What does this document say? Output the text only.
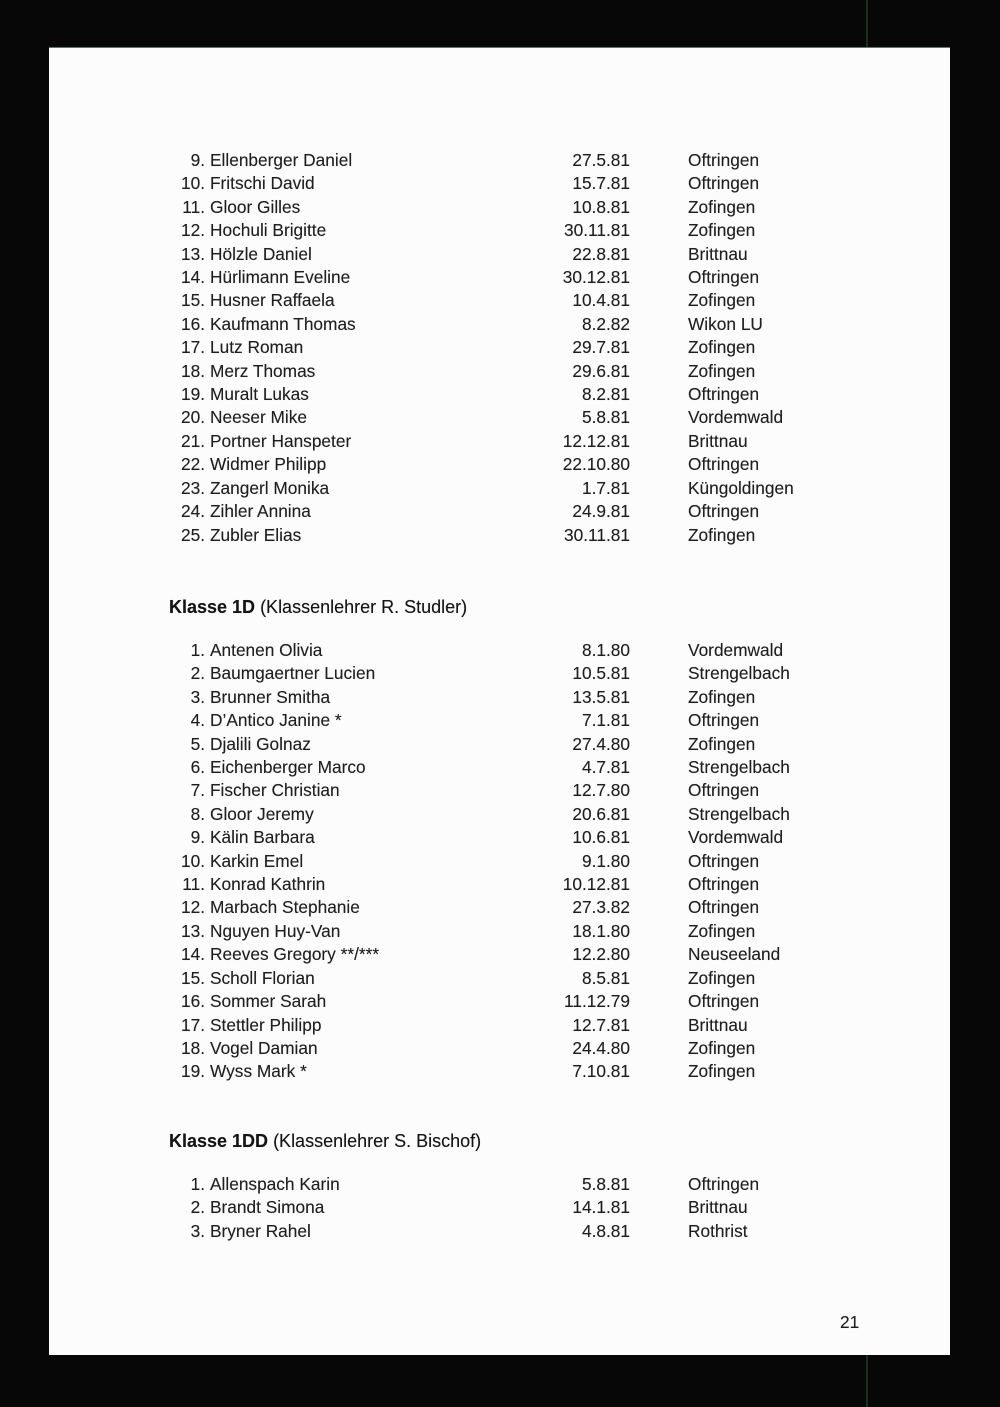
9. Ellenberger Daniel	27.5.81	Oftringen
10. Fritschi David	15.7.81	Oftringen
11. Gloor Gilles	10.8.81	Zofingen
12. Hochuli Brigitte	30.11.81	Zofingen
13. Hölzle Daniel	22.8.81	Brittnau
14. Hürlimann Eveline	30.12.81	Oftringen
15. Husner Raffaela	10.4.81	Zofingen
16. Kaufmann Thomas	8.2.82	Wikon LU
17. Lutz Roman	29.7.81	Zofingen
18. Merz Thomas	29.6.81	Zofingen
19. Muralt Lukas	8.2.81	Oftringen
20. Neeser Mike	5.8.81	Vordemwald
21. Portner Hanspeter	12.12.81	Brittnau
22. Widmer Philipp	22.10.80	Oftringen
23. Zangerl Monika	1.7.81	Küngoldingen
24. Zihler Annina	24.9.81	Oftringen
25. Zubler Elias	30.11.81	Zofingen
Klasse 1D (Klassenlehrer R. Studler)
1. Antenen Olivia	8.1.80	Vordemwald
2. Baumgaertner Lucien	10.5.81	Strengelbach
3. Brunner Smitha	13.5.81	Zofingen
4. D’Antico Janine *	7.1.81	Oftringen
5. Djalili Golnaz	27.4.80	Zofingen
6. Eichenberger Marco	4.7.81	Strengelbach
7. Fischer Christian	12.7.80	Oftringen
8. Gloor Jeremy	20.6.81	Strengelbach
9. Kälin Barbara	10.6.81	Vordemwald
10. Karkin Emel	9.1.80	Oftringen
11. Konrad Kathrin	10.12.81	Oftringen
12. Marbach Stephanie	27.3.82	Oftringen
13. Nguyen Huy-Van	18.1.80	Zofingen
14. Reeves Gregory **/***	12.2.80	Neuseeland
15. Scholl Florian	8.5.81	Zofingen
16. Sommer Sarah	11.12.79	Oftringen
17. Stettler Philipp	12.7.81	Brittnau
18. Vogel Damian	24.4.80	Zofingen
19. Wyss Mark *	7.10.81	Zofingen
Klasse 1DD (Klassenlehrer S. Bischof)
1. Allenspach Karin	5.8.81	Oftringen
2. Brandt Simona	14.1.81	Brittnau
3. Bryner Rahel	4.8.81	Rothrist
21
